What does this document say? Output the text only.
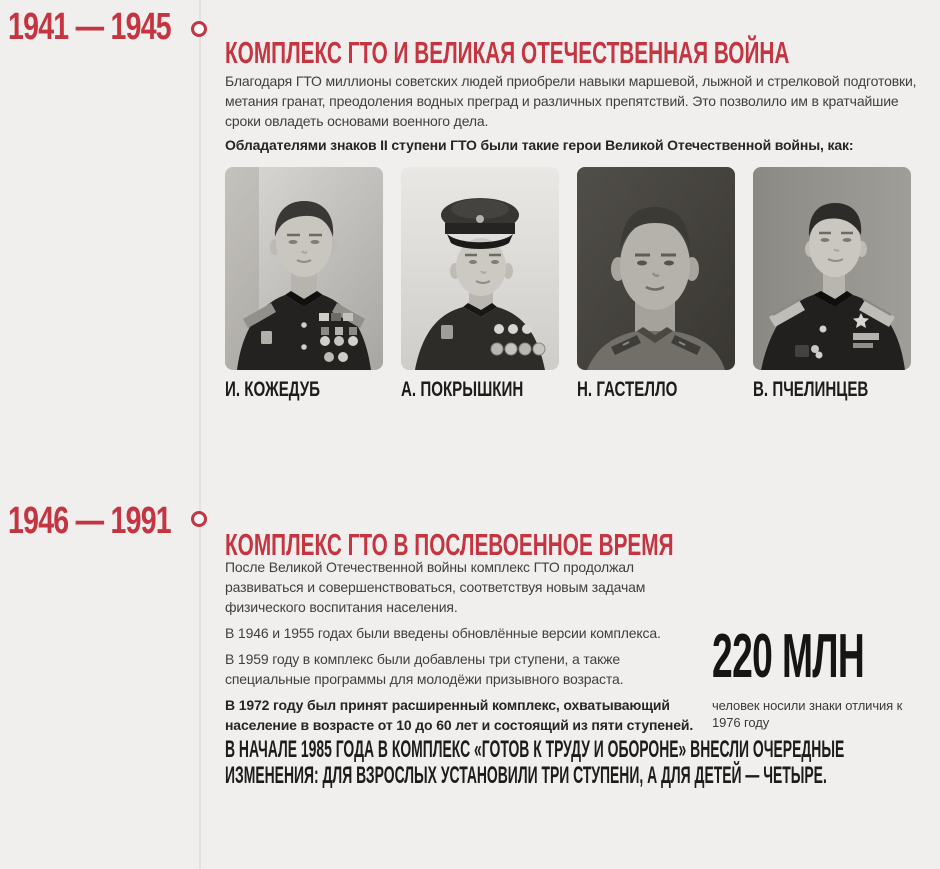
1941 — 1945
КОМПЛЕКС ГТО И ВЕЛИКАЯ ОТЕЧЕСТВЕННАЯ ВОЙНА
Благодаря ГТО миллионы советских людей приобрели навыки маршевой, лыжной и стрелковой подготовки, метания гранат, преодоления водных преград и различных препятствий. Это позволило им в кратчайшие сроки овладеть основами военного дела.
Обладателями знаков II ступени ГТО были такие герои Великой Отечественной войны, как:
И. КОЖЕДУБ	А. ПОКРЫШКИН	Н. ГАСТЕЛЛО	В. ПЧЕЛИНЦЕВ
1946 — 1991
КОМПЛЕКС ГТО В ПОСЛЕВОЕННОЕ ВРЕМЯ

После Великой Отечественной войны комплекс ГТО продолжал развиваться и совершенствоваться, соответствуя новым задачам физического воспитания населения.

В 1946 и 1955 годах были введены обновлённые версии комплекса.

В 1959 году в комплекс были добавлены три ступени, а также специальные программы для молодёжи призывного возраста.

В 1972 году был принят расширенный комплекс, охватывающий население в возрасте от 10 до 60 лет и состоящий из пяти ступеней.

220 МЛН
человек носили знаки отличия к 1976 году
В НАЧАЛЕ 1985 ГОДА В КОМПЛЕКС «ГОТОВ К ТРУДУ И ОБОРОНЕ» ВНЕСЛИ ОЧЕРЕДНЫЕ
ИЗМЕНЕНИЯ: ДЛЯ ВЗРОСЛЫХ УСТАНОВИЛИ ТРИ СТУПЕНИ, А ДЛЯ ДЕТЕЙ — ЧЕТЫРЕ.
